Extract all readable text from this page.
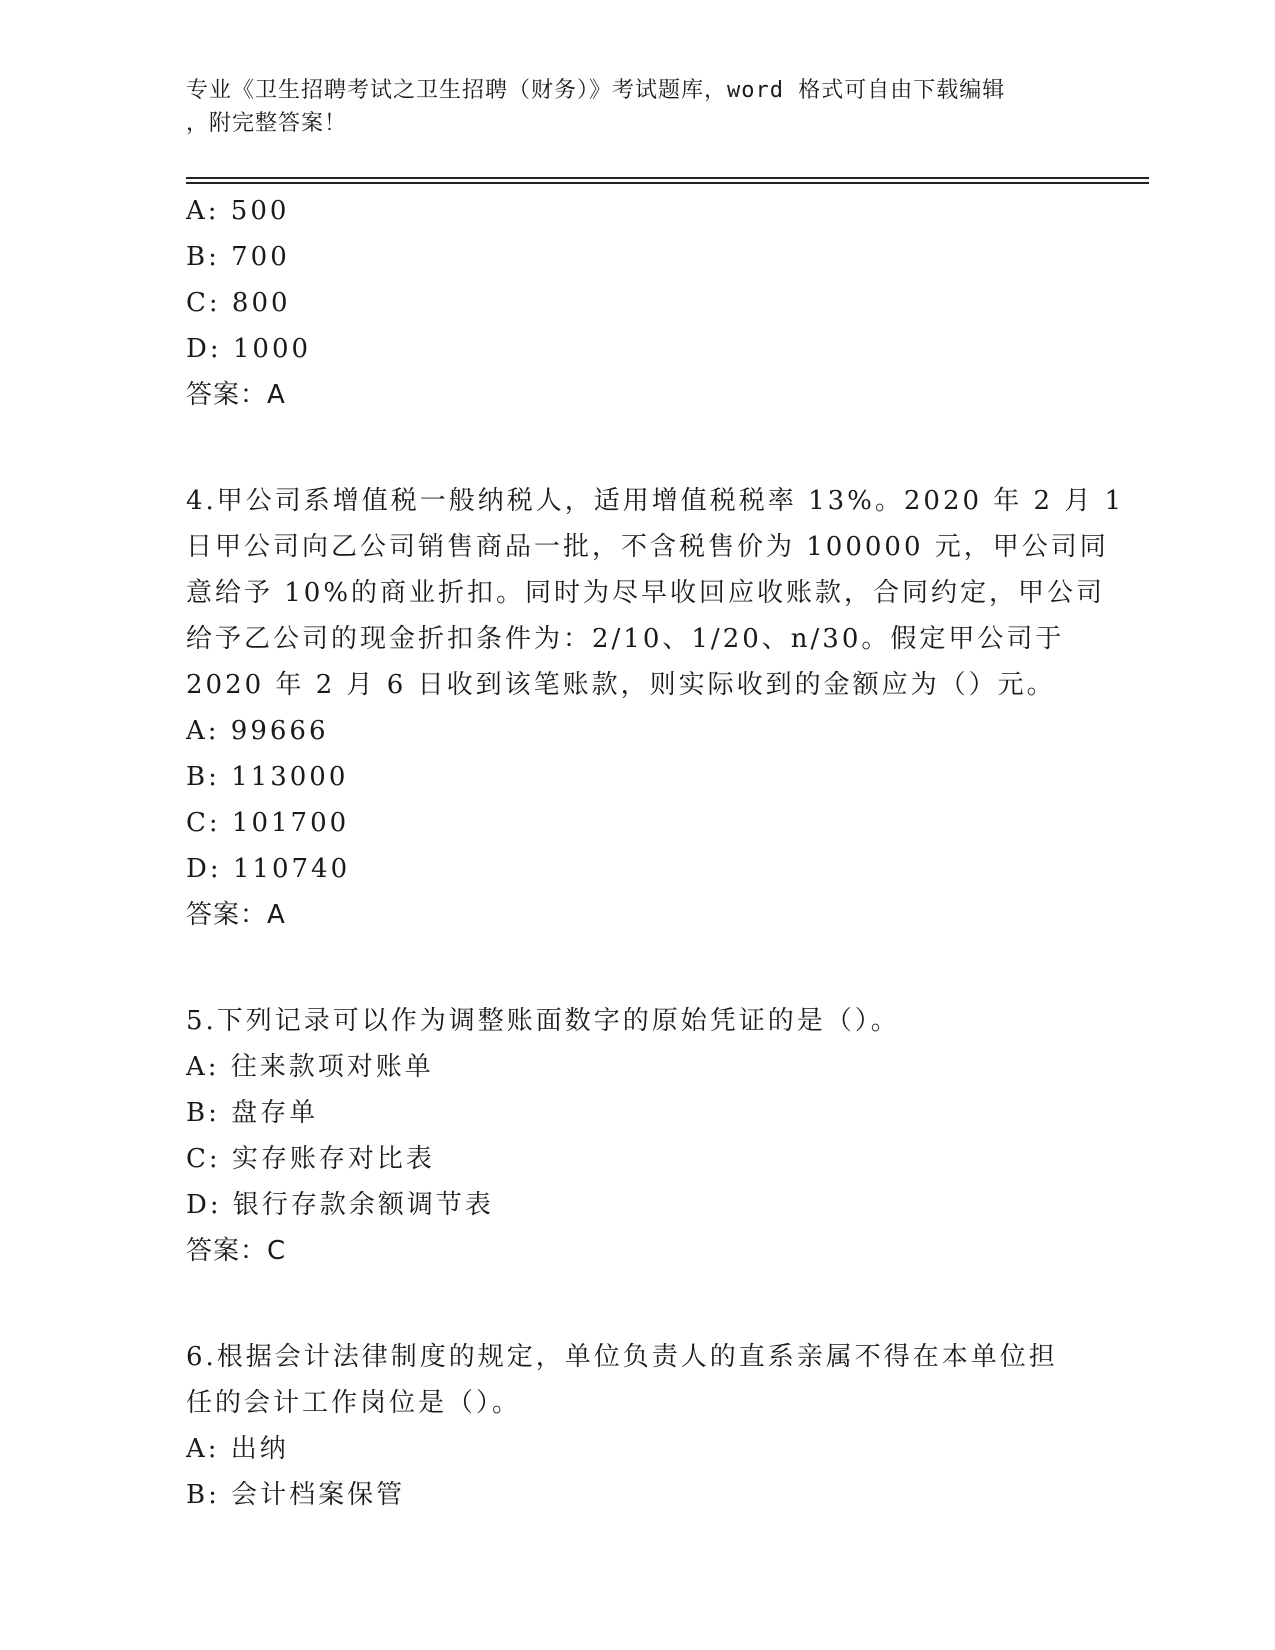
专业《卫生招聘考试之卫生招聘（财务）》考试题库，word 格式可自由下载编辑
，附完整答案！
A: 500
B: 700
C: 800
D: 1000
答案：A
4.甲公司系增值税一般纳税人，适用增值税税率 13%。2020 年 2 月 1
日甲公司向乙公司销售商品一批，不含税售价为 100000 元，甲公司同
意给予 10%的商业折扣。同时为尽早收回应收账款，合同约定，甲公司
给予乙公司的现金折扣条件为：2/10、1/20、n/30。假定甲公司于
2020 年 2 月 6 日收到该笔账款，则实际收到的金额应为（）元。
A: 99666
B: 113000
C: 101700
D: 110740
答案：A
5.下列记录可以作为调整账面数字的原始凭证的是（）。
A: 往来款项对账单
B: 盘存单
C: 实存账存对比表
D: 银行存款余额调节表
答案：C
6.根据会计法律制度的规定，单位负责人的直系亲属不得在本单位担
任的会计工作岗位是（）。
A: 出纳
B: 会计档案保管
